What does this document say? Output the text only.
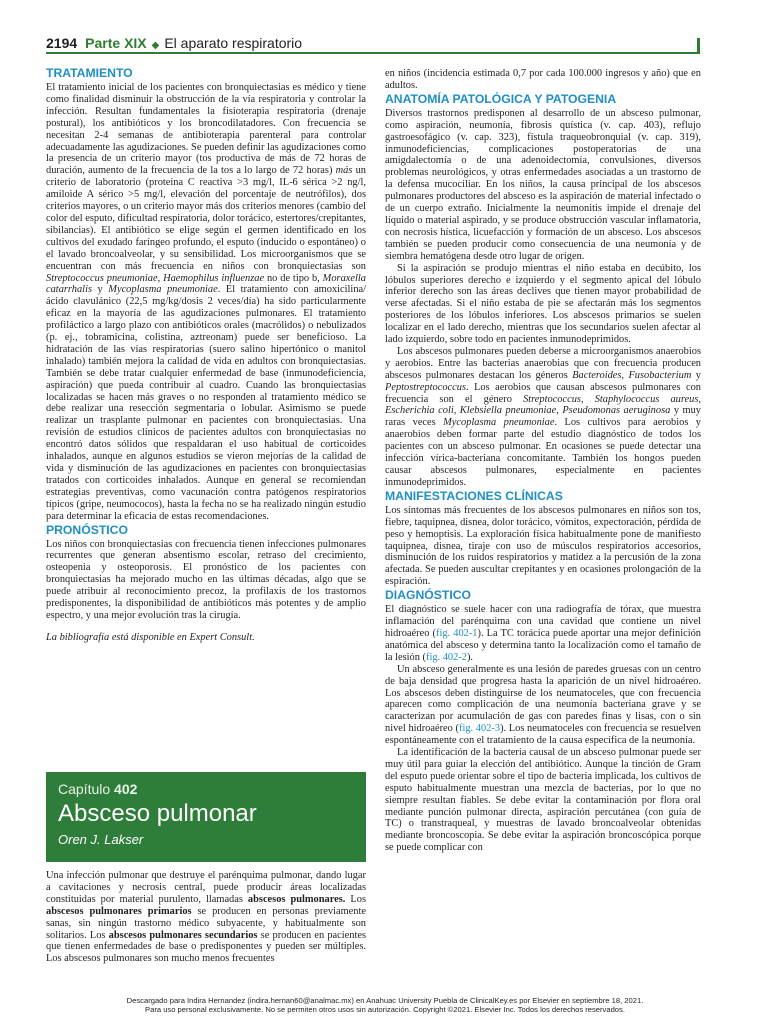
2194 Parte XIX ◆ El aparato respiratorio
TRATAMIENTO

El tratamiento inicial de los pacientes con bronquiectasias es médico y tiene como finalidad disminuir la obstrucción de la vía respiratoria y controlar la infección. Resultan fundamentales la fisioterapia respiratoria (drenaje postural), los antibióticos y los broncodilatadores. Con frecuencia se necesitan 2-4 semanas de antibioterapia parenteral para controlar adecuadamente las agudizaciones. Se pueden definir las agudizaciones como la presencia de un criterio mayor (tos productiva de más de 72 horas de duración, aumento de la frecuencia de la tos a lo largo de 72 horas) más un criterio de laboratorio (proteína C reactiva >3 mg/l, IL-6 sérica >2 ng/l, amiloide A sérico >5 mg/l, elevación del porcentaje de neutrófilos), dos criterios mayores, o un criterio mayor más dos criterios menores (cambio del color del esputo, dificultad respiratoria, dolor torácico, estertores/crepitantes, sibilancias). El antibiótico se elige según el germen identificado en los cultivos del exudado faríngeo profundo, el esputo (inducido o espontáneo) o el lavado broncoalveolar, y su sensibilidad. Los microorganismos que se encuentran con más frecuencia en niños con bronquiectasias son Streptococcus pneumoniae, Haemophilus influenzae no de tipo b, Moraxella catarrhalis y Mycoplasma pneumoniae. El tratamiento con amoxicilina/ácido clavulánico (22,5 mg/kg/dosis 2 veces/día) ha sido particularmente eficaz en la mayoría de las agudizaciones pulmonares. El tratamiento profiláctico a largo plazo con antibióticos orales (macrólidos) o nebulizados (p. ej., tobramicina, colistina, aztreonam) puede ser beneficioso. La hidratación de las vías respiratorias (suero salino hipertónico o manitol inhalado) también mejora la calidad de vida en adultos con bronquiectasias. También se debe tratar cualquier enfermedad de base (inmunodeficiencia, aspiración) que pueda contribuir al cuadro. Cuando las bronquiectasias localizadas se hacen más graves o no responden al tratamiento médico se debe realizar una resección segmentaria o lobular. Asimismo se puede realizar un trasplante pulmonar en pacientes con bronquiectasias. Una revisión de estudios clínicos de pacientes adultos con bronquiectasias no encontró datos sólidos que respaldaran el uso habitual de corticoides inhalados, aunque en algunos estudios se vieron mejorías de la calidad de vida y disminución de las agudizaciones en pacientes con bronquiectasias tratados con corticoides inhalados. Aunque en general se recomiendan estrategias preventivas, como vacunación contra patógenos respiratorios típicos (gripe, neumococos), hasta la fecha no se ha realizado ningún estudio para determinar la eficacia de estas recomendaciones.

PRONÓSTICO

Los niños con bronquiectasias con frecuencia tienen infecciones pulmonares recurrentes que generan absentismo escolar, retraso del crecimiento, osteopenia y osteoporosis. El pronóstico de los pacientes con bronquiectasias ha mejorado mucho en las últimas décadas, algo que se puede atribuir al reconocimiento precoz, la profilaxis de los trastornos predisponentes, la disponibilidad de antibióticos más potentes y de amplio espectro, y una mejor evolución tras la cirugía.

La bibliografía está disponible en Expert Consult.

Capítulo 402
Absceso pulmonar
Oren J. Lakser

Una infección pulmonar que destruye el parénquima pulmonar, dando lugar a cavitaciones y necrosis central, puede producir áreas localizadas constituidas por material purulento, llamadas abscesos pulmonares. Los abscesos pulmonares primarios se producen en personas previamente sanas, sin ningún trastorno médico subyacente, y habitualmente son solitarios. Los abscesos pulmonares secundarios se producen en pacientes que tienen enfermedades de base o predisponentes y pueden ser múltiples. Los abscesos pulmonares son mucho menos frecuentes

en niños (incidencia estimada 0,7 por cada 100.000 ingresos y año) que en adultos.

ANATOMÍA PATOLÓGICA Y PATOGENIA

Diversos trastornos predisponen al desarrollo de un absceso pulmonar, como aspiración, neumonía, fibrosis quística (v. cap. 403), reflujo gastroesofágico (v. cap. 323), fístula traqueobronquial (v. cap. 319), inmunodeficiencias, complicaciones postoperatorias de una amigdalectomía o de una adenoidectomía, convulsiones, diversos problemas neurológicos, y otras enfermedades asociadas a un trastorno de la defensa mucociliar. En los niños, la causa principal de los abscesos pulmonares productores del absceso es la aspiración de material infectado o de un cuerpo extraño. Inicialmente la neumonitis impide el drenaje del líquido o material aspirado, y se produce obstrucción vascular inflamatoria, con necrosis hística, licuefacción y formación de un absceso. Los abscesos también se pueden producir como consecuencia de una neumonía y de siembra hematógena desde otro lugar de origen.

Si la aspiración se produjo mientras el niño estaba en decúbito, los lóbulos superiores derecho e izquierdo y el segmento apical del lóbulo inferior derecho son las áreas declives que tienen mayor probabilidad de verse afectadas. Si el niño estaba de pie se afectarán más los segmentos posteriores de los lóbulos inferiores. Los abscesos primarios se suelen localizar en el lado derecho, mientras que los secundarios suelen afectar al lado izquierdo, sobre todo en pacientes inmunodeprimidos.

Los abscesos pulmonares pueden deberse a microorganismos anaerobios y aerobios. Entre las bacterias anaerobias que con frecuencia producen abscesos pulmonares destacan los géneros Bacteroides, Fusobacterium y Peptostreptococcus. Los aerobios que causan abscesos pulmonares con frecuencia son el género Streptococcus, Staphylococcus aureus, Escherichia coli, Klebsiella pneumoniae, Pseudomonas aeruginosa y muy raras veces Mycoplasma pneumoniae. Los cultivos para aerobios y anaerobios deben formar parte del estudio diagnóstico de todos los pacientes con un absceso pulmonar. En ocasiones se puede detectar una infección vírica-bacteriana concomitante. También los hongos pueden causar abscesos pulmonares, especialmente en pacientes inmunodeprimidos.

MANIFESTACIONES CLÍNICAS

Los síntomas más frecuentes de los abscesos pulmonares en niños son tos, fiebre, taquipnea, disnea, dolor torácico, vómitos, expectoración, pérdida de peso y hemoptisis. La exploración física habitualmente pone de manifiesto taquipnea, disnea, tiraje con uso de músculos respiratorios accesorios, disminución de los ruidos respiratorios y matidez a la percusión de la zona afectada. Se pueden auscultar crepitantes y en ocasiones prolongación de la espiración.

DIAGNÓSTICO

El diagnóstico se suele hacer con una radiografía de tórax, que muestra inflamación del parénquima con una cavidad que contiene un nivel hidroaéreo (fig. 402-1). La TC torácica puede aportar una mejor definición anatómica del absceso y determina tanto la localización como el tamaño de la lesión (fig. 402-2).

Un absceso generalmente es una lesión de paredes gruesas con un centro de baja densidad que progresa hasta la aparición de un nivel hidroaéreo. Los abscesos deben distinguirse de los neumatoceles, que con frecuencia aparecen como complicación de una neumonía bacteriana grave y se caracterizan por acumulación de gas con paredes finas y lisas, con o sin nivel hidroaéreo (fig. 402-3). Los neumatoceles con frecuencia se resuelven espontáneamente con el tratamiento de la causa específica de la neumonía.

La identificación de la bacteria causal de un absceso pulmonar puede ser muy útil para guiar la elección del antibiótico. Aunque la tinción de Gram del esputo puede orientar sobre el tipo de bacteria implicada, los cultivos de esputo habitualmente muestran una mezcla de bacterias, por lo que no siempre resultan fiables. Se debe evitar la contaminación por flora oral mediante punción pulmonar directa, aspiración percutánea (con guía de TC) o transtraqueal, y muestras de lavado broncoalveolar obtenidas mediante broncoscopia. Se debe evitar la aspiración broncoscópica porque se puede complicar con

Descargado para Indira Hernandez (indira.hernan60@analmac.mx) en Anahuac University Puebla de ClinicalKey.es por Elsevier en septiembre 18, 2021.
Para uso personal exclusivamente. No se permiten otros usos sin autorización. Copyright ©2021. Elsevier Inc. Todos los derechos reservados.
